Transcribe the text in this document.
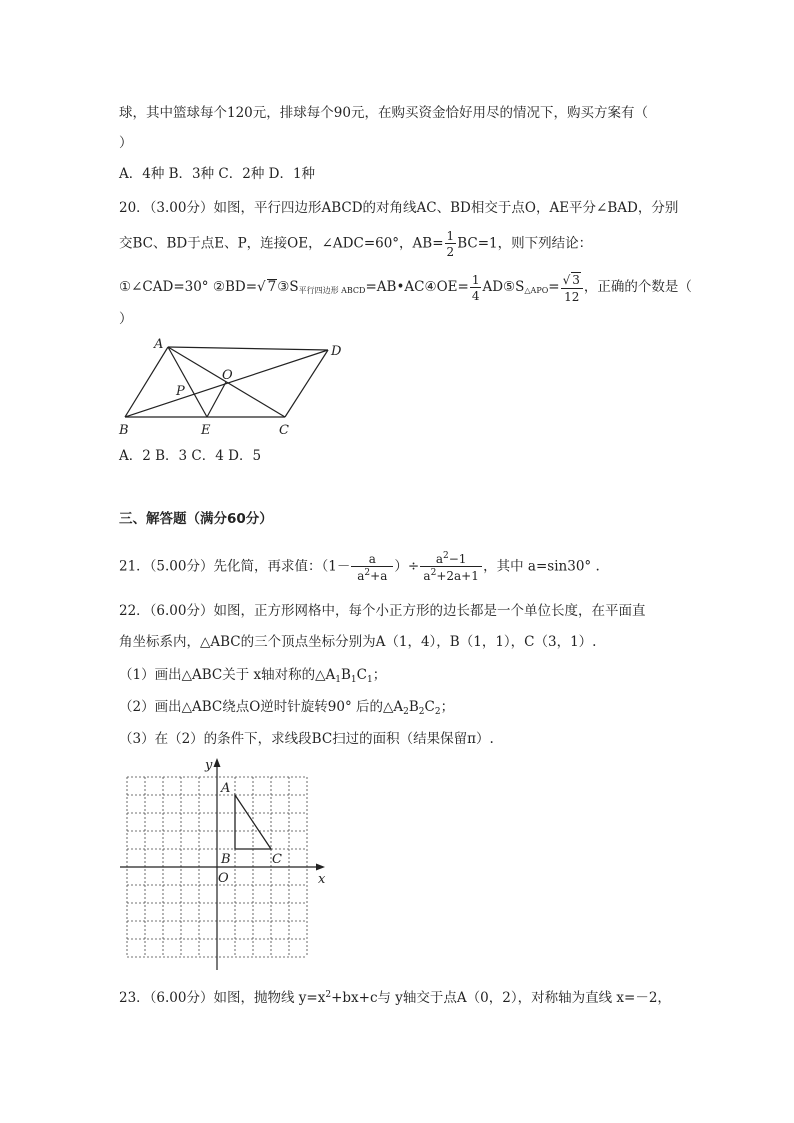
球，其中篮球每个120元，排球每个90元，在购买资金恰好用尽的情况下，购买方案有（
）
A．4种 B．3种 C．2种 D．1种
20．（3.00分）如图，平行四边形ABCD的对角线AC、BD相交于点O，AE平分∠BAD，分别
交BC、BD于点E、P，连接OE，∠ADC=60°，$AB= \frac{1}{2} BC=1$，则下列结论：
①∠CAD=30° ②BD=√ 7③S平行四边形 ABCD=AB•AC④OE= $\frac{1}{4}$ AD⑤S△APO= $\frac{√ 3}{12}$ ，正确的个数是（
）
A	D
O
P
B	E	C
A．2 B．3 C．4 D．5
三、解答题（满分60分）
21．（5.00分）先化简，再求值：（$1- \frac{a}{a^2+a}$ ）÷ $\frac{a^2-1}{a^2+2a+1}$ ，其中 a=sin30° .
22．（6.00分）如图，正方形网格中，每个小正方形的边长都是一个单位长度，在平面直
角坐标系内，△ABC的三个顶点坐标分别为A（1，4），B（1，1），C（3，1）.
（1）画出△ABC关于 x轴对称的$\triangle A_1B_1C_1$；
（2）画出△ABC绕点O逆时针旋转90° 后的$\triangle A_2B_2C_2$；
（3）在（2）的条件下，求线段BC扫过的面积（结果保留π）.
y
x
O
A
B	C
23．（6.00分）如图，抛物线 $y=x^2+bx+c$与 y轴交于点A（0，2），对称轴为直线 x=－2，
